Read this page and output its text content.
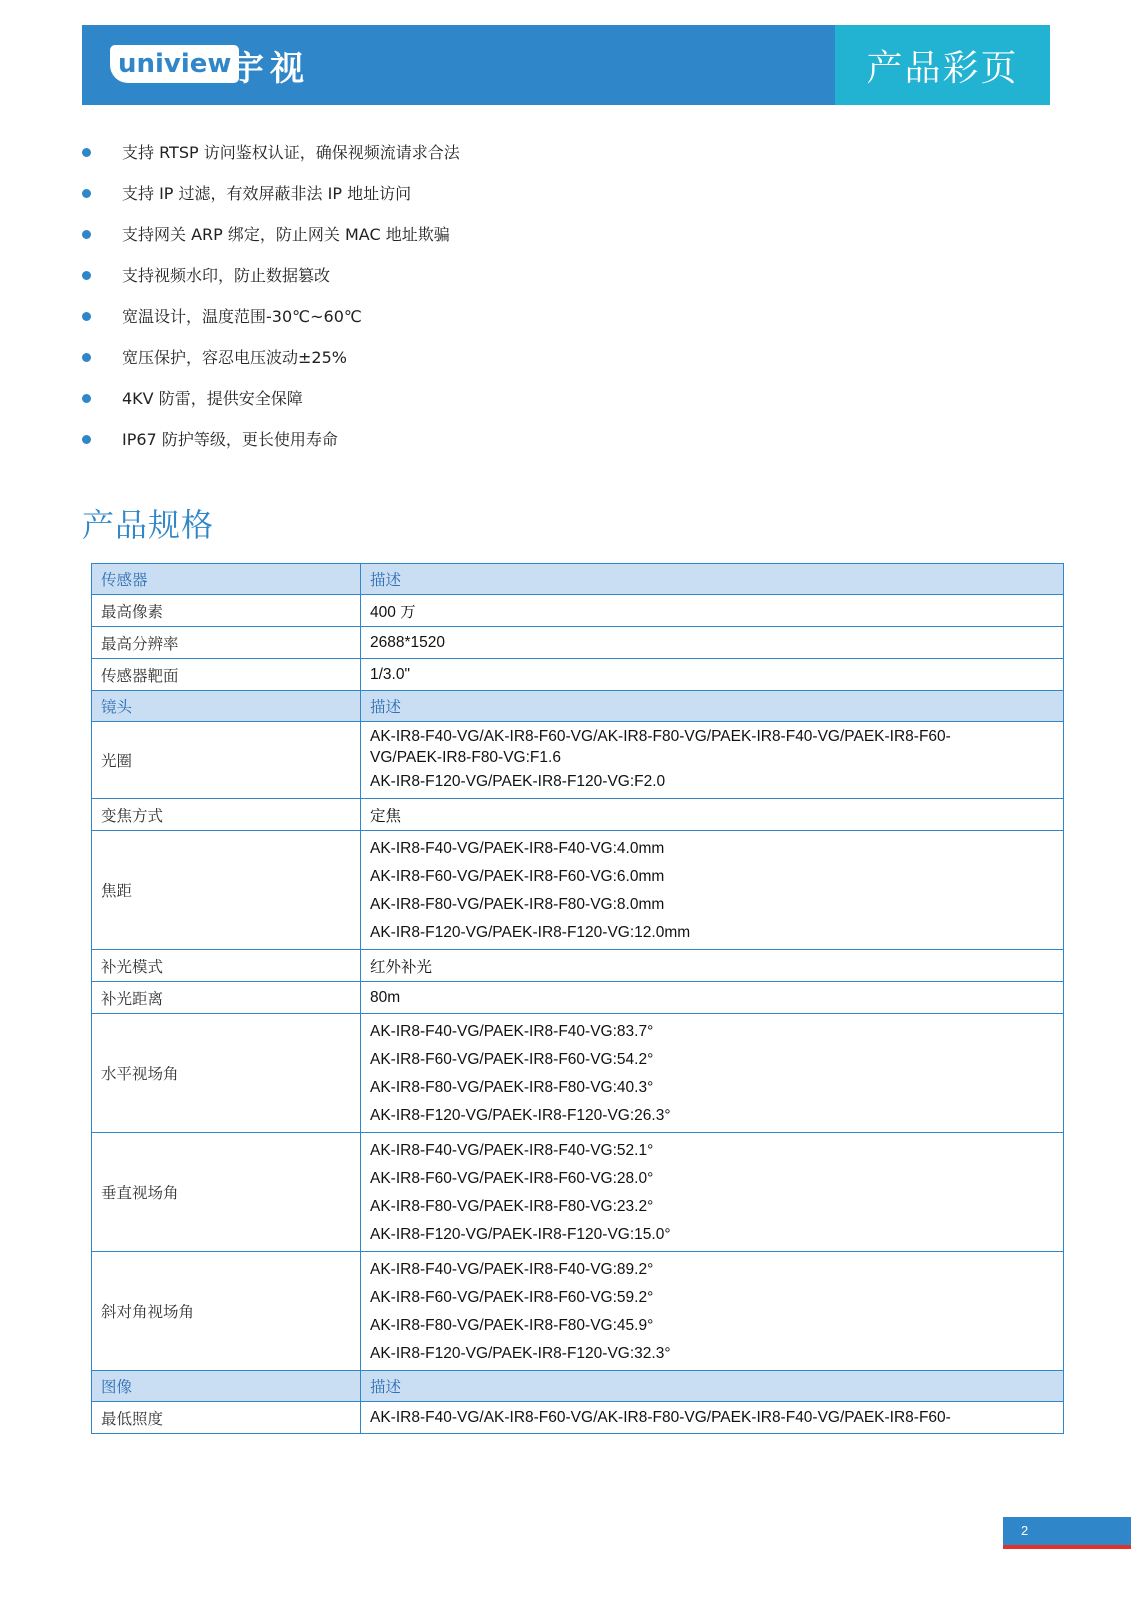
uniview
宇视	产品彩页
支持 RTSP 访问鉴权认证，确保视频流请求合法
支持 IP 过滤，有效屏蔽非法 IP 地址访问
支持网关 ARP 绑定，防止网关 MAC 地址欺骗
支持视频水印，防止数据篡改
宽温设计，温度范围-30℃~60℃
宽压保护，容忍电压波动±25%
4KV 防雷，提供安全保障
IP67 防护等级，更长使用寿命
产品规格
传感器	描述
最高像素	400 万
最高分辨率	2688*1520
传感器靶面	1/3.0"
镜头	描述
光圈	AK-IR8-F40-VG/AK-IR8-F60-VG/AK-IR8-F80-VG/PAEK-IR8-F40-VG/PAEK-IR8-F60-
VG/PAEK-IR8-F80-VG:F1.6
AK-IR8-F120-VG/PAEK-IR8-F120-VG:F2.0

变焦方式	定焦
焦距	AK-IR8-F40-VG/PAEK-IR8-F40-VG:4.0mm
AK-IR8-F60-VG/PAEK-IR8-F60-VG:6.0mm
AK-IR8-F80-VG/PAEK-IR8-F80-VG:8.0mm
AK-IR8-F120-VG/PAEK-IR8-F120-VG:12.0mm

补光模式	红外补光
补光距离	80m
水平视场角	AK-IR8-F40-VG/PAEK-IR8-F40-VG:83.7°
AK-IR8-F60-VG/PAEK-IR8-F60-VG:54.2°
AK-IR8-F80-VG/PAEK-IR8-F80-VG:40.3°
AK-IR8-F120-VG/PAEK-IR8-F120-VG:26.3°

垂直视场角	AK-IR8-F40-VG/PAEK-IR8-F40-VG:52.1°
AK-IR8-F60-VG/PAEK-IR8-F60-VG:28.0°
AK-IR8-F80-VG/PAEK-IR8-F80-VG:23.2°
AK-IR8-F120-VG/PAEK-IR8-F120-VG:15.0°

斜对角视场角	AK-IR8-F40-VG/PAEK-IR8-F40-VG:89.2°
AK-IR8-F60-VG/PAEK-IR8-F60-VG:59.2°
AK-IR8-F80-VG/PAEK-IR8-F80-VG:45.9°
AK-IR8-F120-VG/PAEK-IR8-F120-VG:32.3°

图像	描述
最低照度	AK-IR8-F40-VG/AK-IR8-F60-VG/AK-IR8-F80-VG/PAEK-IR8-F40-VG/PAEK-IR8-F60-
2
